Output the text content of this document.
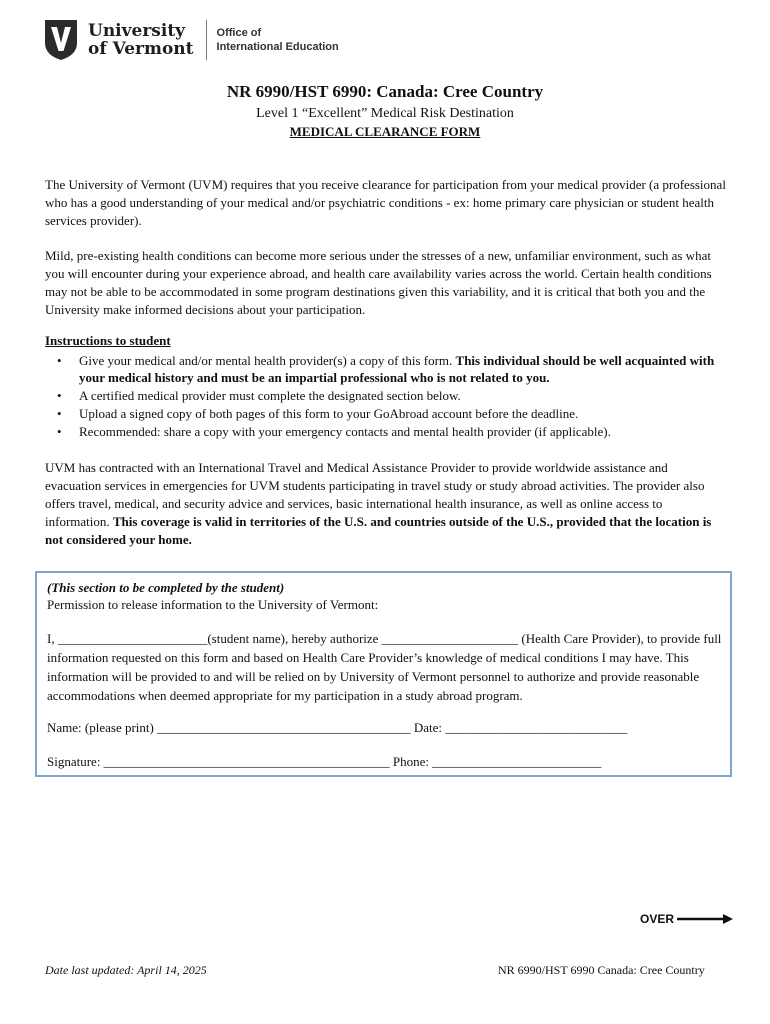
University
of Vermont
Office of
International Education
NR 6990/HST 6990: Canada: Cree Country
Level 1 “Excellent” Medical Risk Destination
MEDICAL CLEARANCE FORM

The University of Vermont (UVM) requires that you receive clearance for participation from your medical provider (a professional who has a good understanding of your medical and/or psychiatric conditions - ex: home primary care physician or student health services provider).

Mild, pre-existing health conditions can become more serious under the stresses of a new, unfamiliar environment, such as what you will encounter during your experience abroad, and health care availability varies across the world. Certain health conditions may not be able to be accommodated in some program destinations given this variability, and it is critical that both you and the University make informed decisions about your participation.

Instructions to student
• Give your medical and/or mental health provider(s) a copy of this form. This individual should be well acquainted with your medical history and must be an impartial professional who is not related to you.
• A certified medical provider must complete the designated section below.
• Upload a signed copy of both pages of this form to your GoAbroad account before the deadline.
• Recommended: share a copy with your emergency contacts and mental health provider (if applicable).

UVM has contracted with an International Travel and Medical Assistance Provider to provide worldwide assistance and evacuation services in emergencies for UVM students participating in travel study or study abroad activities. The provider also offers travel, medical, and security advice and services, basic international health insurance, as well as online access to information. This coverage is valid in territories of the U.S. and countries outside of the U.S., provided that the location is not considered your home.

(This section to be completed by the student)

Permission to release information to the University of Vermont:

I, _______________________(student name), hereby authorize _____________________ (Health Care Provider), to provide full information requested on this form and based on Health Care Provider’s knowledge of medical conditions I may have. This information will be provided to and will be relied on by University of Vermont personnel to authorize and provide reasonable accommodations when deemed appropriate for my participation in a study abroad program.

Name: (please print) _______________________________________ Date: ____________________________

Signature: ____________________________________________ Phone: __________________________

OVER
Date last updated: April 14, 2025	NR 6990/HST 6990 Canada: Cree Country
